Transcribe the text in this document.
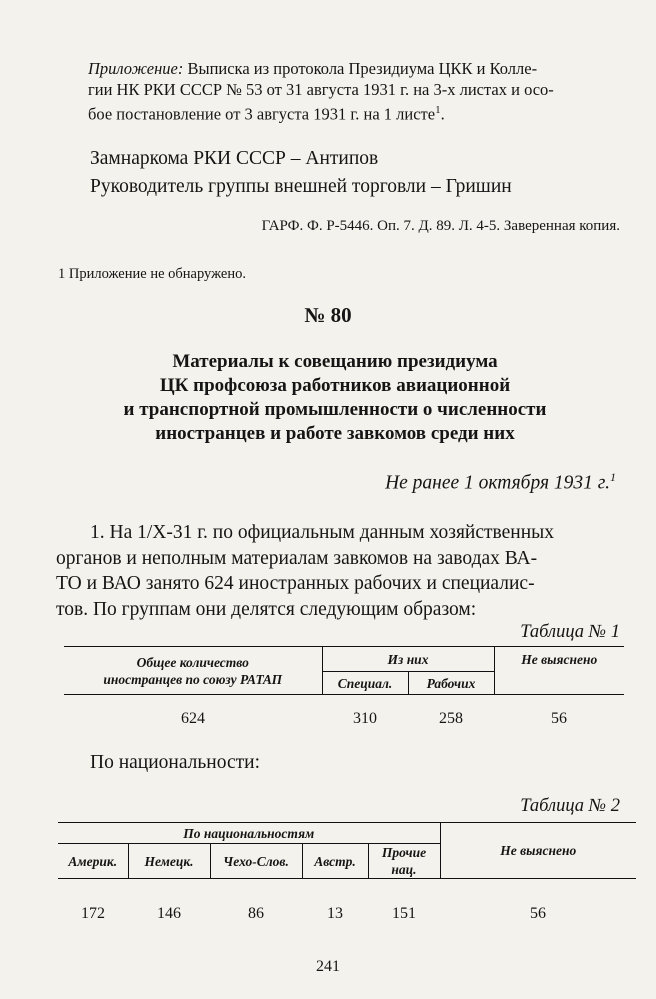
Приложение: Выписка из протокола Президиума ЦКК и Колле-
гии НК РКИ СССР № 53 от 31 августа 1931 г. на 3-х листах и осо-
бое постановление от 3 августа 1931 г. на 1 листе$^1$.
Замнаркома РКИ СССР – Антипов
Руководитель группы внешней торговли – Гришин
ГАРФ. Ф. Р-5446. Оп. 7. Д. 89. Л. 4-5. Заверенная копия.
1 Приложение не обнаружено.
№ 80
Материалы к совещанию президиума
ЦК профсоюза работников авиационной
и транспортной промышленности о численности
иностранцев и работе завкомов среди них
Не ранее 1 октября 1931 г.$^1$
1. На 1/Х-31 г. по официальным данным хозяйственных
органов и неполным материалам завкомов на заводах ВА-
ТО и ВАО занято 624 иностранных рабочих и специалис-
тов. По группам они делятся следующим образом:
Таблица № 1
Общее количество
иностранцев по союзу РАТАП	Из них		Не выяснено
	Специал.	Рабочих	
624	310	258	56
По национальности:
Таблица № 2
По национальностям					Не выяснено
Америк.	Немецк.	Чехо-Слов.	Австр.	Прочие
нац.	
172	146	86	13	151	56
241
